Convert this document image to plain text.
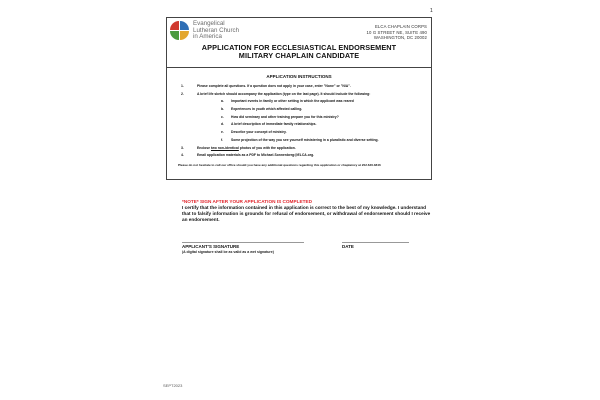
1
Evangelical
Lutheran Church
in America
ELCA CHAPLAIN CORPS
10 G STREET NE, SUITE 490
WASHINGTON, DC 20002
APPLICATION FOR ECCLESIASTICAL ENDORSEMENT
MILITARY CHAPLAIN CANDIDATE
APPLICATION INSTRUCTIONS
1.	Please complete all questions. If a question does not apply in your case, enter "None" or "N/A".
2.	A brief life sketch should accompany the application (type on the last page). It should include the following:
a. Important events in family or other setting in which the applicant was reared
b. Experiences in youth which affected calling.
c. How did seminary and other training prepare you for this ministry?
d. A brief description of immediate family relationships.
e. Describe your concept of ministry.
f. Some projection of the way you see yourself ministering in a pluralistic and diverse setting.
3.	Enclose two non-identical photos of you with the application.
4.	Email application materials as a PDF to Michael.Sonnenberg@ELCA.org.
Please do not hesitate to call our office should you have any additional questions regarding this application or chaplaincy at 202.626.3846
*NOTE* SIGN AFTER YOUR APPLICATION IS COMPLETED
I certify that the information contained in this application is correct to the best of my knowledge. I understand that to falsify information is grounds for refusal of endorsement, or withdrawal of endorsement should I receive an endorsement.
APPLICANT'S SIGNATURE
(A digital signature shall be as valid as a wet signature)
DATE
SEPT2023
